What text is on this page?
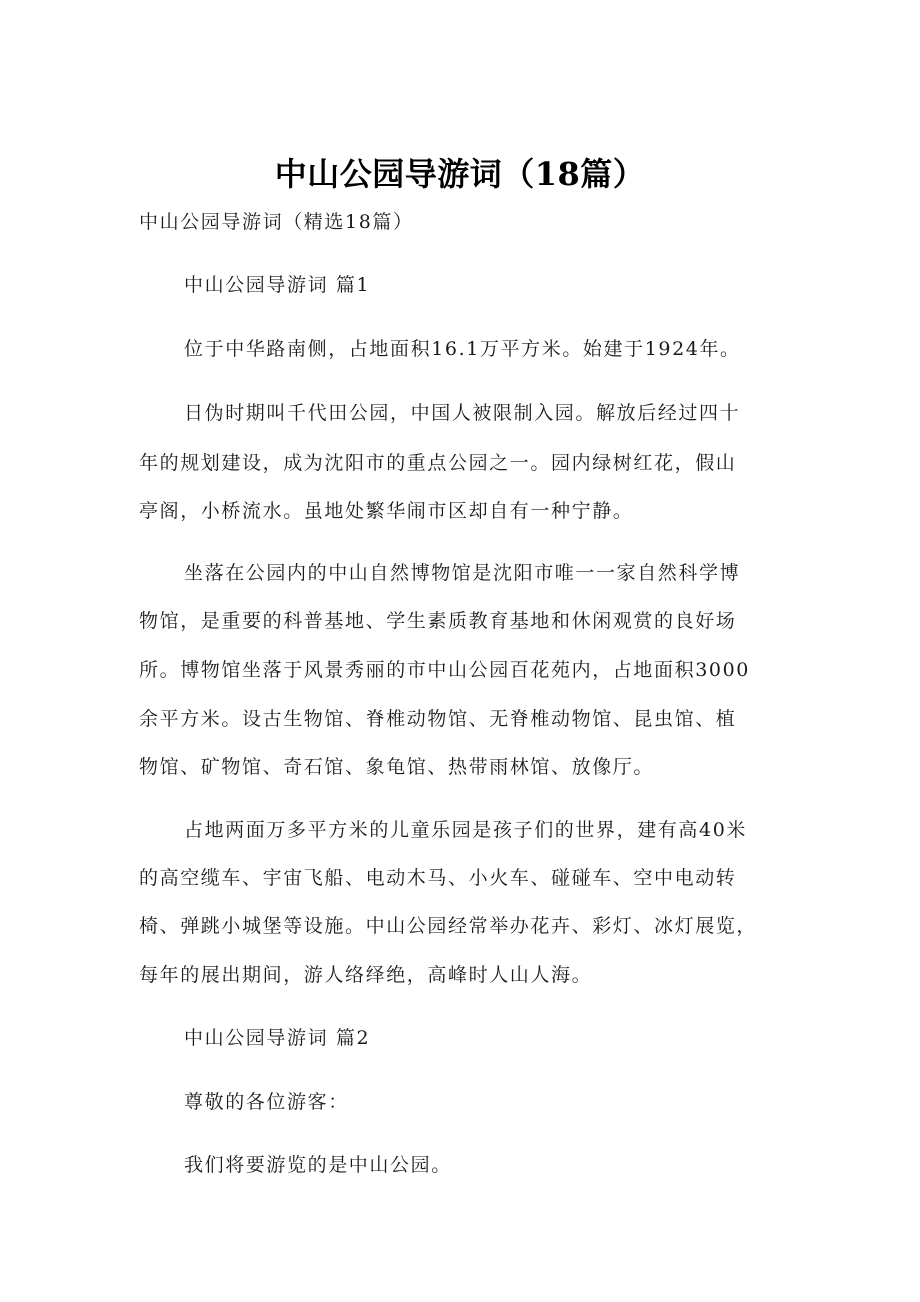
中山公园导游词（18篇）
中山公园导游词（精选18篇）
中山公园导游词 篇1
位于中华路南侧，占地面积16.1万平方米。始建于1924年。
日伪时期叫千代田公园，中国人被限制入园。解放后经过四十
年的规划建设，成为沈阳市的重点公园之一。园内绿树红花，假山
亭阁，小桥流水。虽地处繁华闹市区却自有一种宁静。
坐落在公园内的中山自然博物馆是沈阳市唯一一家自然科学博
物馆，是重要的科普基地、学生素质教育基地和休闲观赏的良好场
所。博物馆坐落于风景秀丽的市中山公园百花苑内，占地面积3000
余平方米。设古生物馆、脊椎动物馆、无脊椎动物馆、昆虫馆、植
物馆、矿物馆、奇石馆、象龟馆、热带雨林馆、放像厅。
占地两面万多平方米的儿童乐园是孩子们的世界，建有高40米
的高空缆车、宇宙飞船、电动木马、小火车、碰碰车、空中电动转
椅、弹跳小城堡等设施。中山公园经常举办花卉、彩灯、冰灯展览，
每年的展出期间，游人络绎绝，高峰时人山人海。
中山公园导游词 篇2
尊敬的各位游客：
我们将要游览的是中山公园。
